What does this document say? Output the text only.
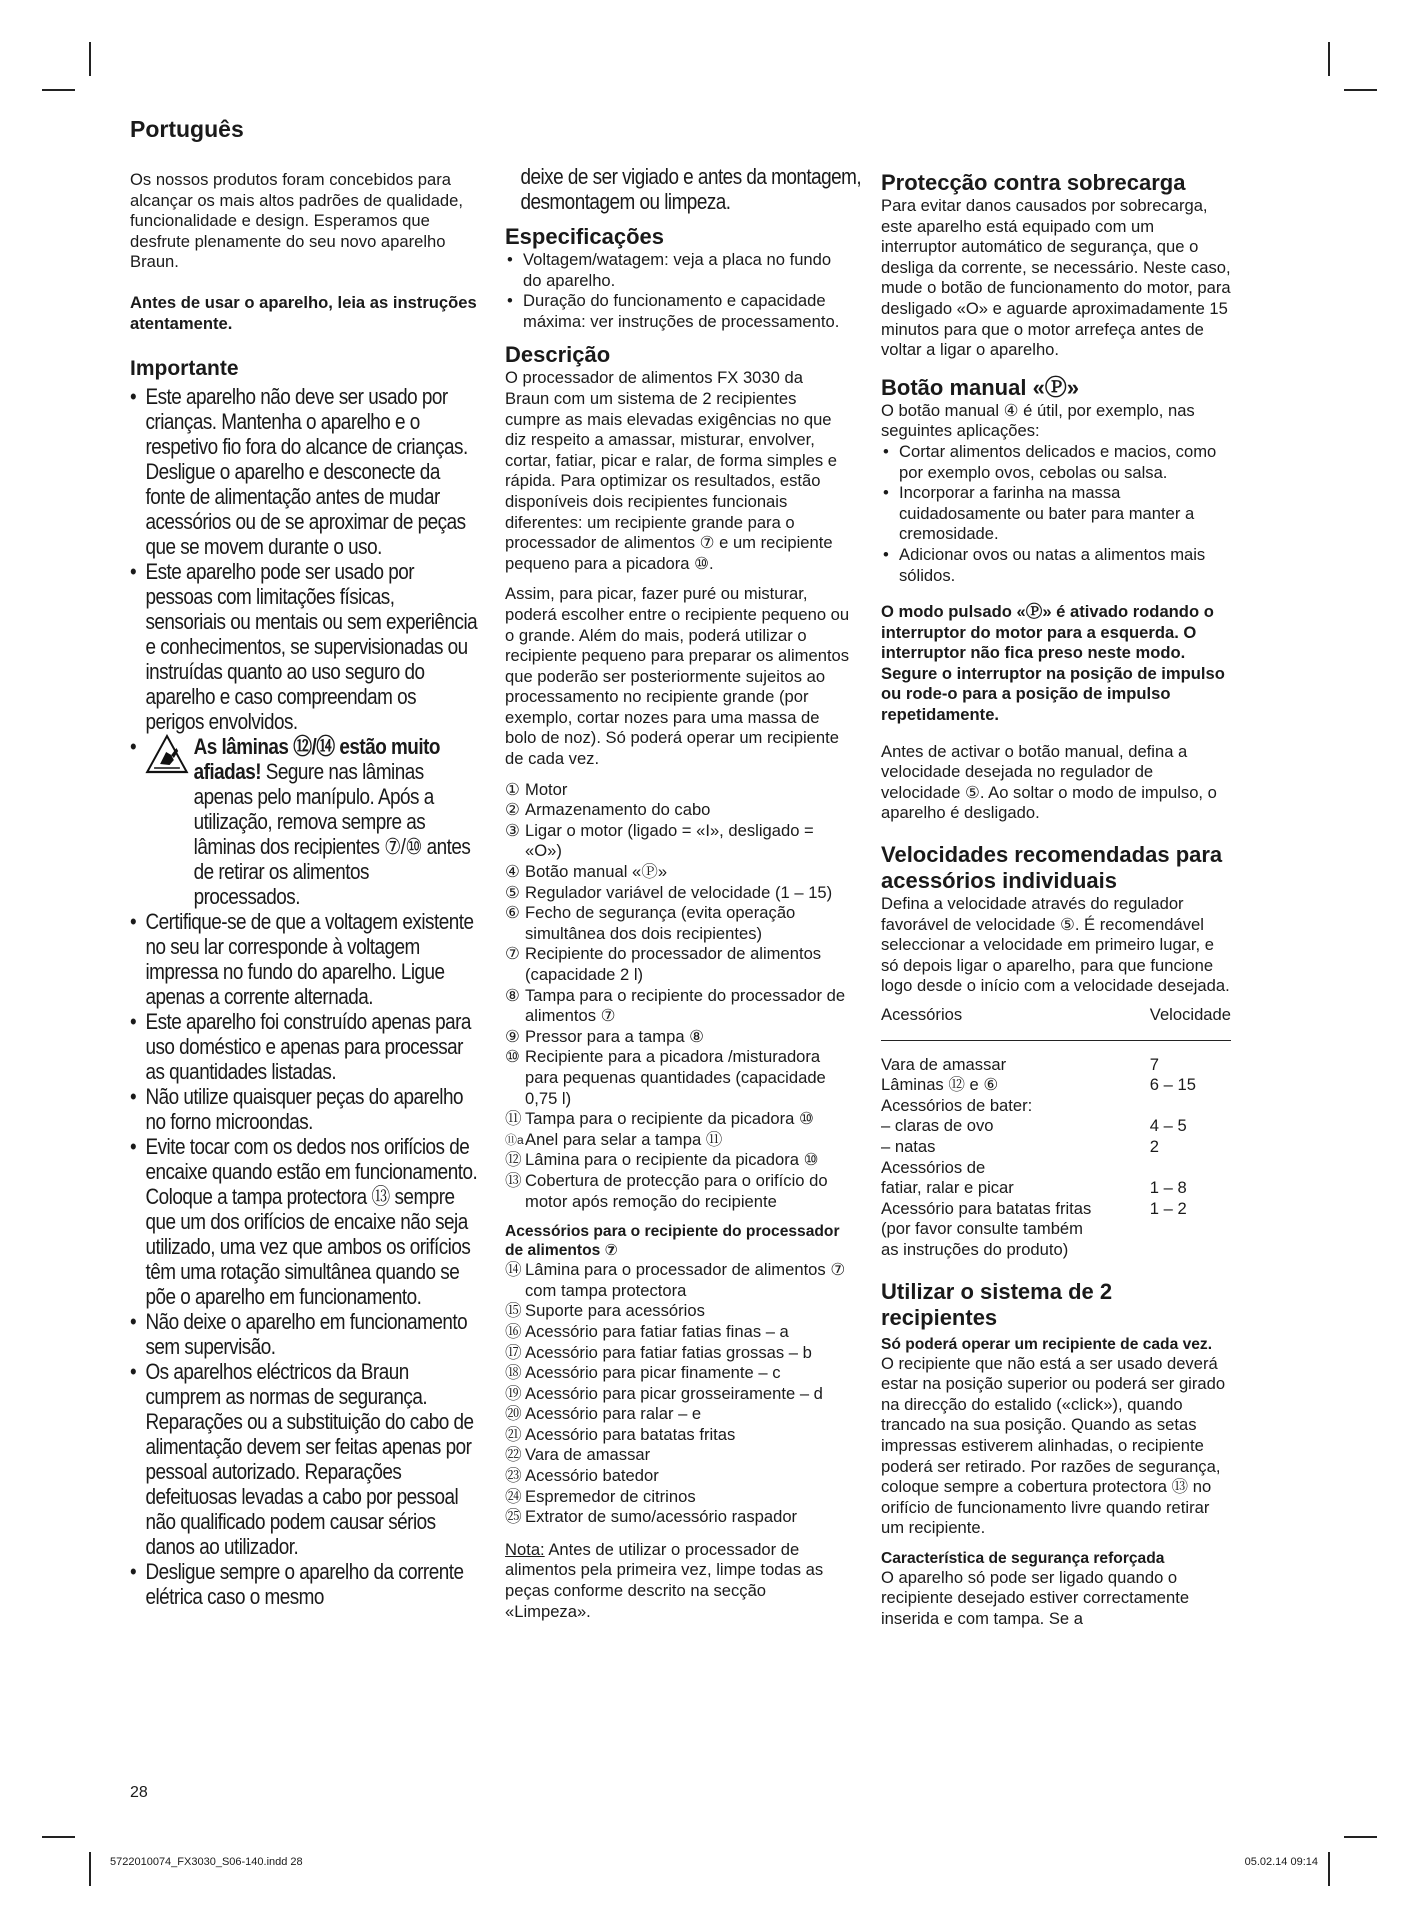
Português

Os nossos produtos foram concebidos para alcançar os mais altos padrões de qualidade, funcionalidade e design. Esperamos que desfrute plenamente do seu novo aparelho Braun.

Antes de usar o aparelho, leia as instruções atentamente.

Importante
• Este aparelho não deve ser usado por crianças. Mantenha o aparelho e o respetivo fio fora do alcance de crianças. Desligue o aparelho e desconecte da fonte de alimentação antes de mudar acessórios ou de se aproximar de peças que se movem durante o uso.
• Este aparelho pode ser usado por pessoas com limitações físicas, sensoriais ou mentais ou sem experiência e conhecimentos, se supervisionadas ou instruídas quanto ao uso seguro do aparelho e caso compreendam os perigos envolvidos.
• As lâminas ⑫/⑭ estão muito afiadas! Segure nas lâminas apenas pelo manípulo. Após a utilização, remova sempre as lâminas dos recipientes ⑦/⑩ antes de retirar os alimentos processados.
• Certifique-se de que a voltagem existente no seu lar corresponde à voltagem impressa no fundo do aparelho. Ligue apenas a corrente alternada.
• Este aparelho foi construído apenas para uso doméstico e apenas para processar as quantidades listadas.
• Não utilize quaisquer peças do aparelho no forno microondas.
• Evite tocar com os dedos nos orifícios de encaixe quando estão em funcionamento. Coloque a tampa protectora ⑬ sempre que um dos orifícios de encaixe não seja utilizado, uma vez que ambos os orifícios têm uma rotação simultânea quando se põe o aparelho em funcionamento.
• Não deixe o aparelho em funcionamento sem supervisão.
• Os aparelhos eléctricos da Braun cumprem as normas de segurança. Reparações ou a substituição do cabo de alimentação devem ser feitas apenas por pessoal autorizado. Reparações defeituosas levadas a cabo por pessoal não qualificado podem causar sérios danos ao utilizador.
• Desligue sempre o aparelho da corrente elétrica caso o mesmo
deixe de ser vigiado e antes da montagem, desmontagem ou limpeza.
Especificações
• Voltagem/watagem: veja a placa no fundo do aparelho.
• Duração do funcionamento e capacidade máxima: ver instruções de processamento.
Descrição

O processador de alimentos FX 3030 da Braun com um sistema de 2 recipientes cumpre as mais elevadas exigências no que diz respeito a amassar, misturar, envolver, cortar, fatiar, picar e ralar, de forma simples e rápida. Para optimizar os resultados, estão disponíveis dois recipientes funcionais diferentes: um recipiente grande para o processador de alimentos ⑦ e um recipiente pequeno para a picadora ⑩.

Assim, para picar, fazer puré ou misturar, poderá escolher entre o recipiente pequeno ou o grande. Além do mais, poderá utilizar o recipiente pequeno para preparar os alimentos que poderão ser posteriormente sujeitos ao processamento no recipiente grande (por exemplo, cortar nozes para uma massa de bolo de noz). Só poderá operar um recipiente de cada vez.

① Motor
② Armazenamento do cabo
③ Ligar o motor (ligado = «I», desligado = «O»)
④ Botão manual «Ⓟ»
⑤ Regulador variável de velocidade (1 – 15)
⑥ Fecho de segurança (evita operação simultânea dos dois recipientes)
⑦ Recipiente do processador de alimentos (capacidade 2 l)
⑧ Tampa para o recipiente do processador de alimentos ⑦
⑨ Pressor para a tampa ⑧
⑩ Recipiente para a picadora /misturadora para pequenas quantidades (capacidade 0,75 l)
⑪ Tampa para o recipiente da picadora ⑩
⑪a Anel para selar a tampa ⑪
⑫ Lâmina para o recipiente da picadora ⑩
⑬ Cobertura de protecção para o orifício do motor após remoção do recipiente
Acessórios para o recipiente do processador de alimentos ⑦
⑭ Lâmina para o processador de alimentos ⑦ com tampa protectora
⑮ Suporte para acessórios
⑯ Acessório para fatiar fatias finas – a
⑰ Acessório para fatiar fatias grossas – b
⑱ Acessório para picar finamente – c
⑲ Acessório para picar grosseiramente – d
⑳ Acessório para ralar – e
㉑ Acessório para batatas fritas
㉒ Vara de amassar
㉓ Acessório batedor
㉔ Espremedor de citrinos
㉕ Extrator de sumo/acessório raspador

Nota: Antes de utilizar o processador de alimentos pela primeira vez, limpe todas as peças conforme descrito na secção «Limpeza».

Protecção contra sobrecarga

Para evitar danos causados por sobrecarga, este aparelho está equipado com um interruptor automático de segurança, que o desliga da corrente, se necessário. Neste caso, mude o botão de funcionamento do motor, para desligado «O» e aguarde aproximadamente 15 minutos para que o motor arrefeça antes de voltar a ligar o aparelho.

Botão manual «Ⓟ»

O botão manual ④ é útil, por exemplo, nas seguintes aplicações:

• Cortar alimentos delicados e macios, como por exemplo ovos, cebolas ou salsa.
• Incorporar a farinha na massa cuidadosamente ou bater para manter a cremosidade.
• Adicionar ovos ou natas a alimentos mais sólidos.

O modo pulsado «Ⓟ» é ativado rodando o interruptor do motor para a esquerda. O interruptor não fica preso neste modo. Segure o interruptor na posição de impulso ou rode-o para a posição de impulso repetidamente.

Antes de activar o botão manual, defina a velocidade desejada no regulador de velocidade ⑤. Ao soltar o modo de impulso, o aparelho é desligado.

Velocidades recomendadas para acessórios individuais

Defina a velocidade através do regulador favorável de velocidade ⑤. É recomendável seleccionar a velocidade em primeiro lugar, e só depois ligar o aparelho, para que funcione logo desde o início com a velocidade desejada.

Acessórios	Velocidade

Vara de amassar	7
Lâminas ⑫ e ⑥	6 – 15
Acessórios de bater:	
– claras de ovo	4 – 5
– natas	2
Acessórios de	
fatiar, ralar e picar	1 – 8
Acessório para batatas fritas	1 – 2
(por favor consulte também	
as instruções do produto)	
Utilizar o sistema de 2 recipientes
Só poderá operar um recipiente de cada vez.

O recipiente que não está a ser usado deverá estar na posição superior ou poderá ser girado na direcção do estalido («click»), quando trancado na sua posição. Quando as setas impressas estiverem alinhadas, o recipiente poderá ser retirado. Por razões de segurança, coloque sempre a cobertura protectora ⑬ no orifício de funcionamento livre quando retirar um recipiente.

Característica de segurança reforçada

O aparelho só pode ser ligado quando o recipiente desejado estiver correctamente inserida e com tampa. Se a

28
5722010074_FX3030_S06-140.indd 28	05.02.14 09:14
